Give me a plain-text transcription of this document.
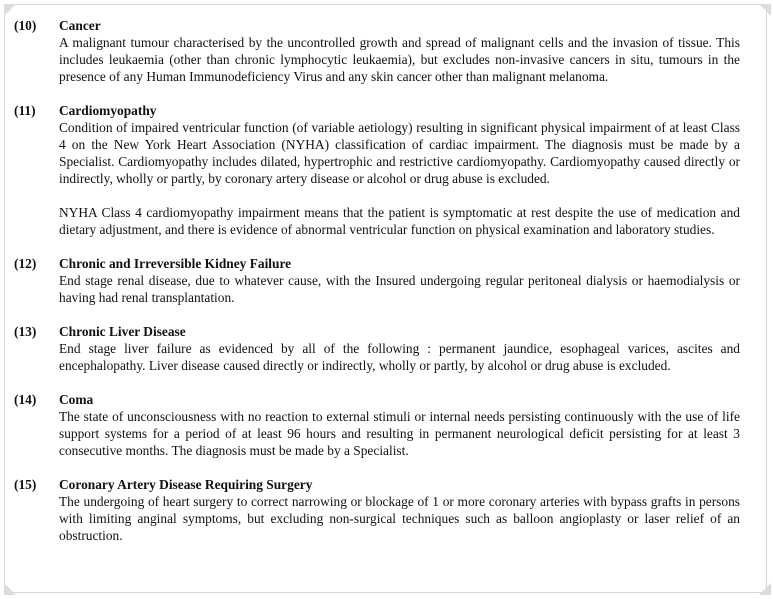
(10) Cancer

A malignant tumour characterised by the uncontrolled growth and spread of malignant cells and the invasion of tissue. This includes leukaemia (other than chronic lymphocytic leukaemia), but excludes non-invasive cancers in situ, tumours in the presence of any Human Immunodeficiency Virus and any skin cancer other than malignant melanoma.

(11) Cardiomyopathy

Condition of impaired ventricular function (of variable aetiology) resulting in significant physical impairment of at least Class 4 on the New York Heart Association (NYHA) classification of cardiac impairment. The diagnosis must be made by a Specialist. Cardiomyopathy includes dilated, hypertrophic and restrictive cardiomyopathy. Cardiomyopathy caused directly or indirectly, wholly or partly, by coronary artery disease or alcohol or drug abuse is excluded.

NYHA Class 4 cardiomyopathy impairment means that the patient is symptomatic at rest despite the use of medication and dietary adjustment, and there is evidence of abnormal ventricular function on physical examination and laboratory studies.

(12) Chronic and Irreversible Kidney Failure

End stage renal disease, due to whatever cause, with the Insured undergoing regular peritoneal dialysis or haemodialysis or having had renal transplantation.

(13) Chronic Liver Disease

End stage liver failure as evidenced by all of the following : permanent jaundice, esophageal varices, ascites and encephalopathy. Liver disease caused directly or indirectly, wholly or partly, by alcohol or drug abuse is excluded.

(14) Coma

The state of unconsciousness with no reaction to external stimuli or internal needs persisting continuously with the use of life support systems for a period of at least 96 hours and resulting in permanent neurological deficit persisting for at least 3 consecutive months. The diagnosis must be made by a Specialist.

(15) Coronary Artery Disease Requiring Surgery

The undergoing of heart surgery to correct narrowing or blockage of 1 or more coronary arteries with bypass grafts in persons with limiting anginal symptoms, but excluding non-surgical techniques such as balloon angioplasty or laser relief of an obstruction.
